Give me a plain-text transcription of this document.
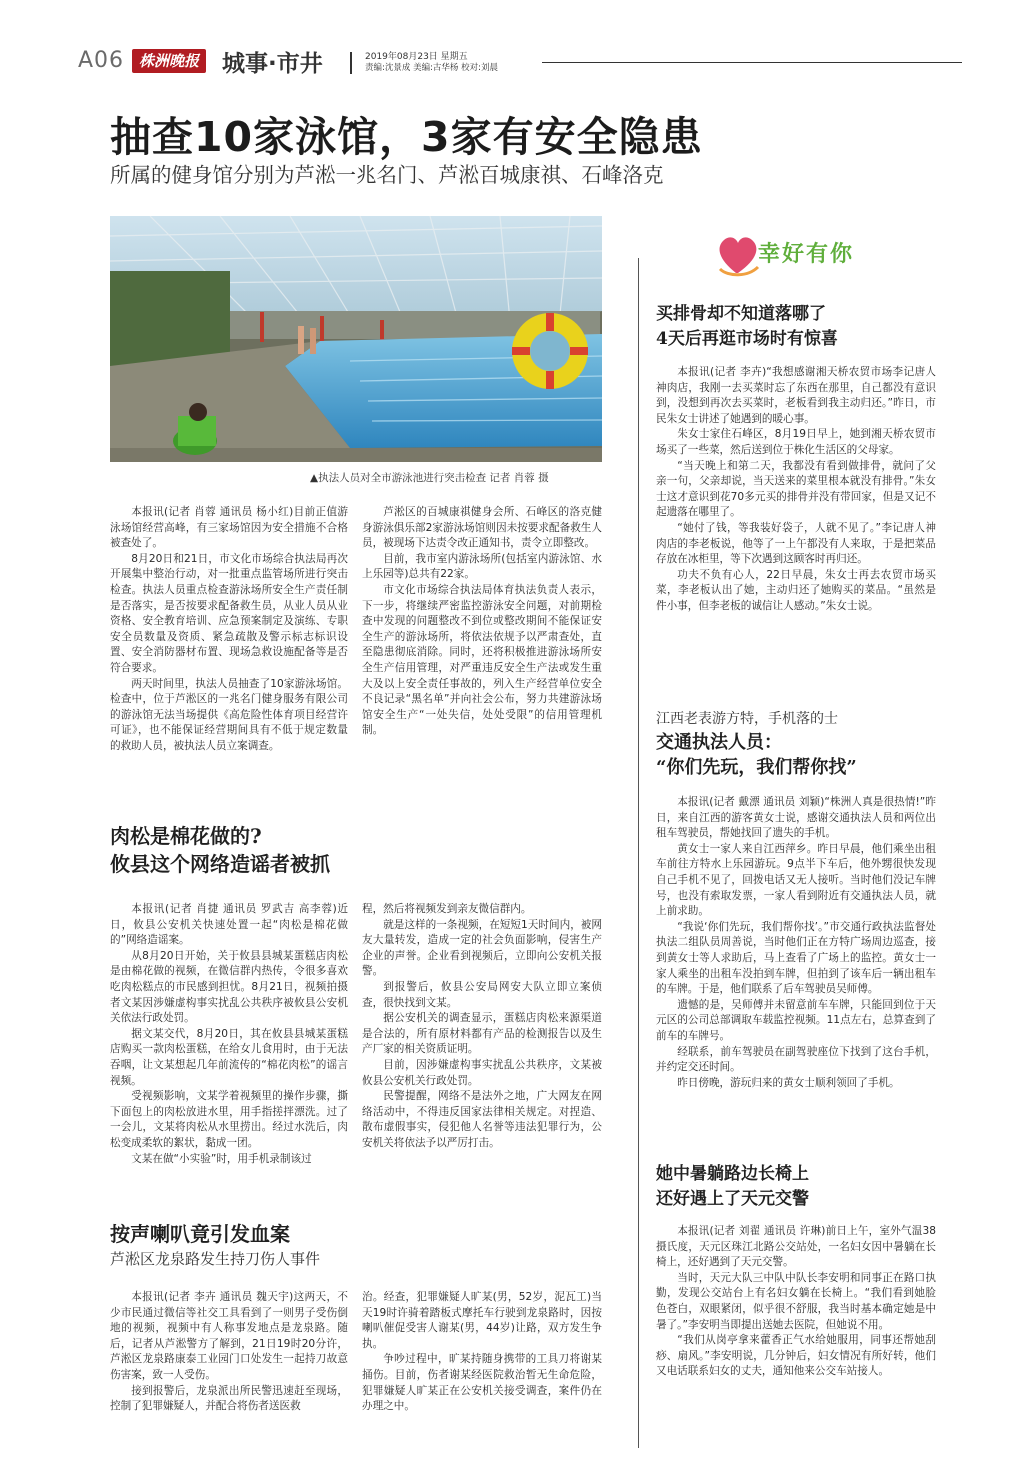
A06 株洲晚报	城事·市井	2019年08月23日 星期五
责编:沈景成 美编:古华杨 校对:刘晨
抽查10家泳馆，3家有安全隐患
所属的健身馆分别为芦淞一兆名门、芦淞百城康祺、石峰洛克
▲执法人员对全市游泳池进行突击检查 记者 肖蓉 摄

本报讯(记者 肖蓉 通讯员 杨小红)目前正值游泳场馆经营高峰，有三家场馆因为安全措施不合格被查处了。

8月20日和21日，市文化市场综合执法局再次开展集中整治行动，对一批重点监管场所进行突击检查。执法人员重点检查游泳场所安全生产责任制是否落实，是否按要求配备救生员，从业人员从业资格、安全教育培训、应急预案制定及演练、专职安全员数量及资质、紧急疏散及警示标志标识设置、安全消防器材布置、现场急救设施配备等是否符合要求。

两天时间里，执法人员抽查了10家游泳场馆。检查中，位于芦淞区的一兆名门健身服务有限公司的游泳馆无法当场提供《高危险性体育项目经营许可证》，也不能保证经营期间具有不低于规定数量的救助人员，被执法人员立案调查。

芦淞区的百城康祺健身会所、石峰区的洛克健身游泳俱乐部2家游泳场馆则因未按要求配备救生人员，被现场下达责令改正通知书，责令立即整改。

目前，我市室内游泳场所(包括室内游泳馆、水上乐园等)总共有22家。

市文化市场综合执法局体育执法负责人表示，下一步，将继续严密监控游泳安全问题，对前期检查中发现的问题整改不到位或整改期间不能保证安全生产的游泳场所，将依法依规予以严肃查处，直至隐患彻底消除。同时，还将积极推进游泳场所安全生产信用管理，对严重违反安全生产法或发生重大及以上安全责任事故的，列入生产经营单位安全不良记录“黑名单”并向社会公布，努力共建游泳场馆安全生产“一处失信，处处受限”的信用管理机制。

肉松是棉花做的?
攸县这个网络造谣者被抓

本报讯(记者 肖捷 通讯员 罗武吉 高李蓉)近日，攸县公安机关快速处置一起“肉松是棉花做的”网络造谣案。

从8月20日开始，关于攸县县城某蛋糕店肉松是由棉花做的视频，在微信群内热传，令很多喜欢吃肉松糕点的市民感到担忧。8月21日，视频拍摄者文某因涉嫌虚构事实扰乱公共秩序被攸县公安机关依法行政处罚。

据文某交代，8月20日，其在攸县县城某蛋糕店购买一款肉松蛋糕，在给女儿食用时，由于无法吞咽，让文某想起几年前流传的“棉花肉松”的谣言视频。

受视频影响，文某学着视频里的操作步骤，撕下面包上的肉松放进水里，用手指搓拌漂洗。过了一会儿，文某将肉松从水里捞出。经过水洗后，肉松变成柔软的絮状，黏成一团。

文某在做“小实验”时，用手机录制该过

程，然后将视频发到亲友微信群内。

就是这样的一条视频，在短短1天时间内，被网友大量转发，造成一定的社会负面影响，侵害生产企业的声誉。企业看到视频后，立即向公安机关报警。

到报警后，攸县公安局网安大队立即立案侦查，很快找到文某。

据公安机关的调查显示，蛋糕店肉松来源渠道是合法的，所有原材料都有产品的检测报告以及生产厂家的相关资质证明。

目前，因涉嫌虚构事实扰乱公共秩序，文某被攸县公安机关行政处罚。

民警提醒，网络不是法外之地，广大网友在网络活动中，不得违反国家法律相关规定。对捏造、散布虚假事实，侵犯他人名誉等违法犯罪行为，公安机关将依法予以严厉打击。

按声喇叭竟引发血案
芦淞区龙泉路发生持刀伤人事件

本报讯(记者 李卉 通讯员 魏天宇)这两天，不少市民通过微信等社交工具看到了一则男子受伤倒地的视频，视频中有人称事发地点是龙泉路。随后，记者从芦淞警方了解到，21日19时20分许，芦淞区龙泉路康泰工业园门口处发生一起持刀故意伤害案，致一人受伤。

接到报警后，龙泉派出所民警迅速赶至现场，控制了犯罪嫌疑人，并配合将伤者送医救

治。经查，犯罪嫌疑人旷某(男，52岁，泥瓦工)当天19时许骑着踏板式摩托车行驶到龙泉路时，因按喇叭催促受害人谢某(男，44岁)让路，双方发生争执。

争吵过程中，旷某持随身携带的工具刀将谢某捅伤。目前，伤者谢某经医院救治暂无生命危险，犯罪嫌疑人旷某正在公安机关接受调查，案件仍在办理之中。

幸好有你
买排骨却不知道落哪了
4天后再逛市场时有惊喜

本报讯(记者 李卉)“我想感谢湘天桥农贸市场李记唐人神肉店，我刚一去买菜时忘了东西在那里，自己都没有意识到，没想到再次去买菜时，老板看到我主动归还。”昨日，市民朱女士讲述了她遇到的暖心事。

朱女士家住石峰区，8月19日早上，她到湘天桥农贸市场买了一些菜，然后送到位于株化生活区的父母家。

“当天晚上和第二天，我都没有看到做排骨，就问了父亲一句，父亲却说，当天送来的菜里根本就没有排骨。”朱女士这才意识到花70多元买的排骨并没有带回家，但是又记不起遗落在哪里了。

“她付了钱，等我装好袋子，人就不见了。”李记唐人神肉店的李老板说，他等了一上午都没有人来取，于是把菜品存放在冰柜里，等下次遇到这顾客时再归还。

功夫不负有心人，22日早晨，朱女士再去农贸市场买菜，李老板认出了她，主动归还了她购买的菜品。“虽然是件小事，但李老板的诚信让人感动。”朱女士说。

江西老表游方特，手机落的士
交通执法人员：
“你们先玩，我们帮你找”

本报讯(记者 戴漂 通讯员 刘颖)“株洲人真是很热情!”昨日，来自江西的游客黄女士说，感谢交通执法人员和两位出租车驾驶员，帮她找回了遗失的手机。

黄女士一家人来自江西萍乡。昨日早晨，他们乘坐出租车前往方特水上乐园游玩。9点半下车后，他外甥很快发现自己手机不见了，回拨电话又无人接听。当时他们没记车牌号，也没有索取发票，一家人看到附近有交通执法人员，就上前求助。

“我说‘你们先玩，我们帮你找’。”市交通行政执法监督处执法二组队员周善说，当时他们正在方特广场周边巡查，接到黄女士等人求助后，马上查看了广场上的监控。黄女士一家人乘坐的出租车没拍到车牌，但拍到了该车后一辆出租车的车牌。于是，他们联系了后车驾驶员吴师傅。

遗憾的是，吴师傅并未留意前车车牌，只能回到位于天元区的公司总部调取车载监控视频。11点左右，总算查到了前车的车牌号。

经联系，前车驾驶员在副驾驶座位下找到了这台手机，并约定交还时间。

昨日傍晚，游玩归来的黄女士顺利领回了手机。

她中暑躺路边长椅上
还好遇上了天元交警

本报讯(记者 刘翟 通讯员 许琳)前日上午，室外气温38摄氏度，天元区珠江北路公交站处，一名妇女因中暑躺在长椅上，还好遇到了天元交警。

当时，天元大队三中队中队长李安明和同事正在路口执勤，发现公交站台上有名妇女躺在长椅上。“我们看到她脸色苍白，双眼紧闭，似乎很不舒服，我当时基本确定她是中暑了。”李安明当即提出送她去医院，但她说不用。

“我们从岗亭拿来藿香正气水给她服用，同事还帮她刮痧、扇风。”李安明说，几分钟后，妇女情况有所好转，他们又电话联系妇女的丈夫，通知他来公交车站接人。
